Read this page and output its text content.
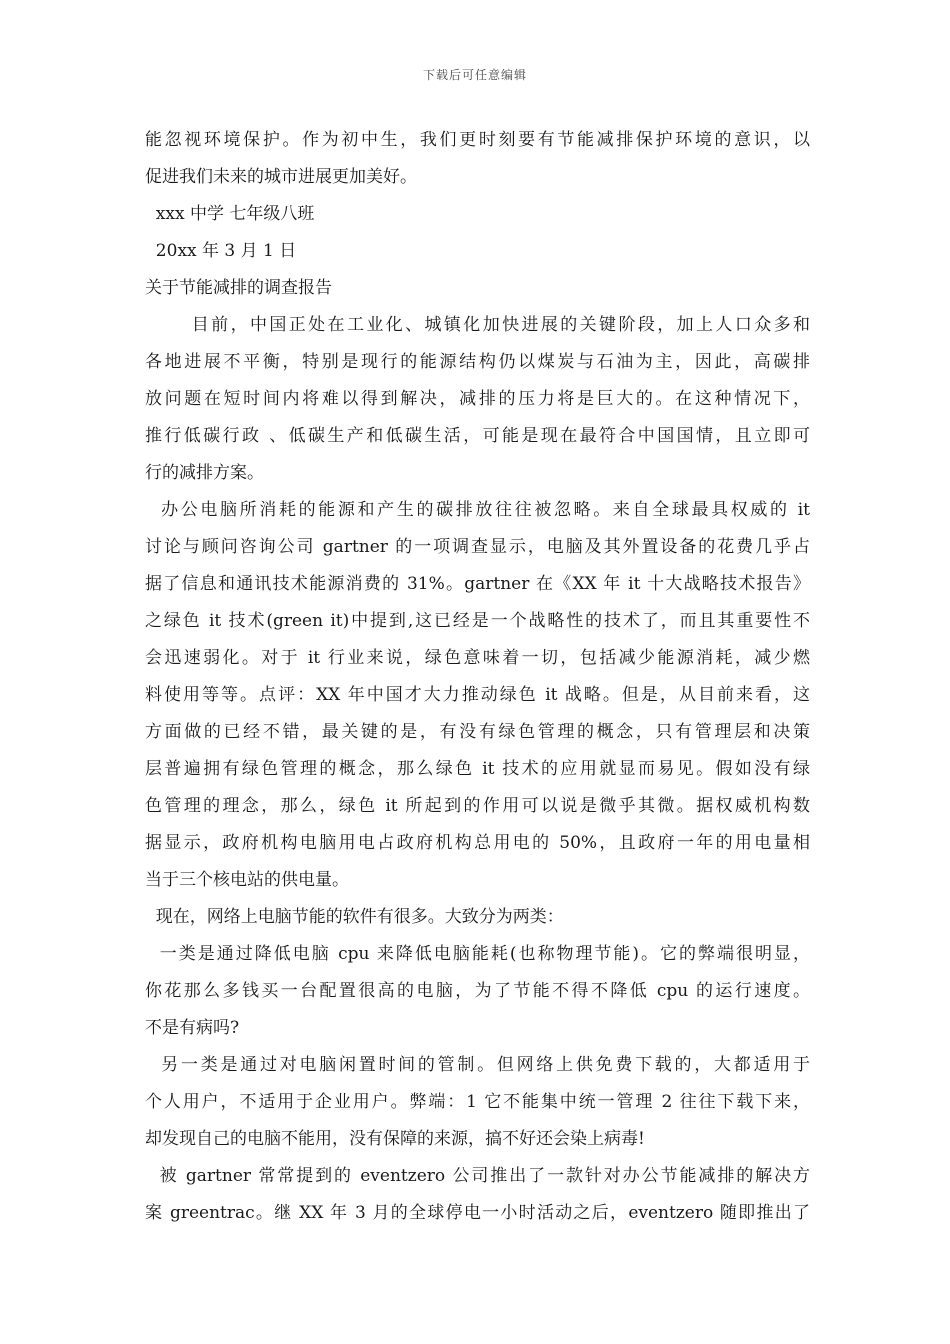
下载后可任意编辑
能忽视环境保护。作为初中生，我们更时刻要有节能减排保护环境的意识，以
促进我们未来的城市进展更加美好。
xxx 中学 七年级八班
20xx 年 3 月 1 日
关于节能减排的调查报告
目前，中国正处在工业化、城镇化加快进展的关键阶段，加上人口众多和
各地进展不平衡，特别是现行的能源结构仍以煤炭与石油为主，因此，高碳排
放问题在短时间内将难以得到解决，减排的压力将是巨大的。在这种情况下，
推行低碳行政 、低碳生产和低碳生活，可能是现在最符合中国国情，且立即可
行的减排方案。
办公电脑所消耗的能源和产生的碳排放往往被忽略。来自全球最具权威的 it
讨论与顾问咨询公司 gartner 的一项调查显示，电脑及其外置设备的花费几乎占
据了信息和通讯技术能源消费的 31%。gartner 在《XX 年 it 十大战略技术报告》
之绿色 it 技术(green it)中提到,这已经是一个战略性的技术了，而且其重要性不
会迅速弱化。对于 it 行业来说，绿色意味着一切，包括减少能源消耗，减少燃
料使用等等。点评：XX 年中国才大力推动绿色 it 战略。但是，从目前来看，这
方面做的已经不错，最关键的是，有没有绿色管理的概念，只有管理层和决策
层普遍拥有绿色管理的概念，那么绿色 it 技术的应用就显而易见。假如没有绿
色管理的理念，那么，绿色 it 所起到的作用可以说是微乎其微。据权威机构数
据显示，政府机构电脑用电占政府机构总用电的 50%，且政府一年的用电量相
当于三个核电站的供电量。
现在，网络上电脑节能的软件有很多。大致分为两类：
一类是通过降低电脑 cpu 来降低电脑能耗(也称物理节能)。它的弊端很明显，
你花那么多钱买一台配置很高的电脑，为了节能不得不降低 cpu 的运行速度。
不是有病吗?
另一类是通过对电脑闲置时间的管制。但网络上供免费下载的，大都适用于
个人用户，不适用于企业用户。弊端：1 它不能集中统一管理 2 往往下载下来，
却发现自己的电脑不能用，没有保障的来源，搞不好还会染上病毒!
被 gartner 常常提到的 eventzero 公司推出了一款针对办公节能减排的解决方
案 greentrac。继 XX 年 3 月的全球停电一小时活动之后，eventzero 随即推出了
